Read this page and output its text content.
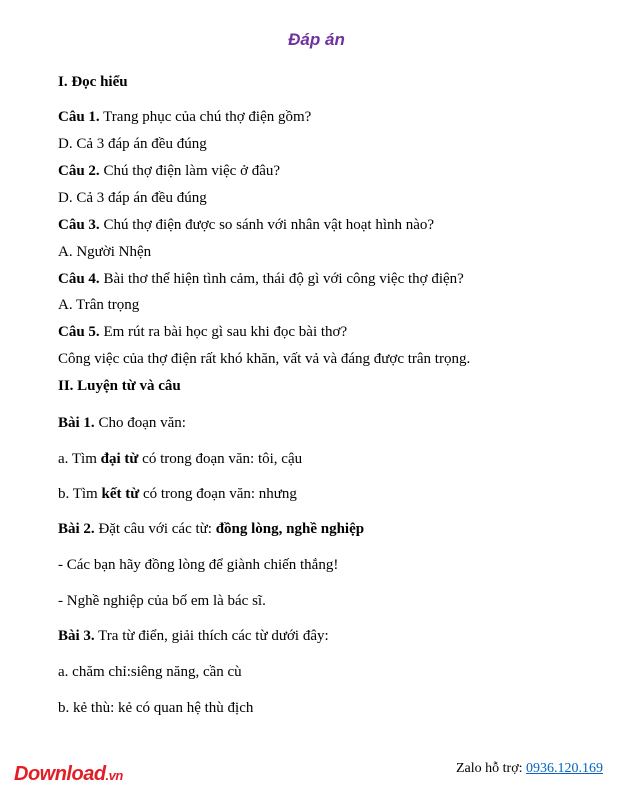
Đáp án
I. Đọc hiểu
Câu 1. Trang phục của chú thợ điện gồm?
D. Cả 3 đáp án đều đúng
Câu 2. Chú thợ điện làm việc ở đâu?
D. Cả 3 đáp án đều đúng
Câu 3. Chú thợ điện được so sánh với nhân vật hoạt hình nào?
A. Người Nhện
Câu 4. Bài thơ thể hiện tình cảm, thái độ gì với công việc thợ điện?
A. Trân trọng
Câu 5. Em rút ra bài học gì sau khi đọc bài thơ?
Công việc của thợ điện rất khó khăn, vất vả và đáng được trân trọng.
II. Luyện từ và câu
Bài 1. Cho đoạn văn:
a. Tìm đại từ có trong đoạn văn: tôi, cậu
b. Tìm kết từ có trong đoạn văn: nhưng
Bài 2. Đặt câu với các từ: đồng lòng, nghề nghiệp
- Các bạn hãy đồng lòng để giành chiến thắng!
- Nghề nghiệp của bố em là bác sĩ.
Bài 3. Tra từ điển, giải thích các từ dưới đây:
a. chăm chỉ:siêng năng, cần cù
b. kẻ thù: kẻ có quan hệ thù địch
Download.vn	Zalo hỗ trợ: 0936.120.169
